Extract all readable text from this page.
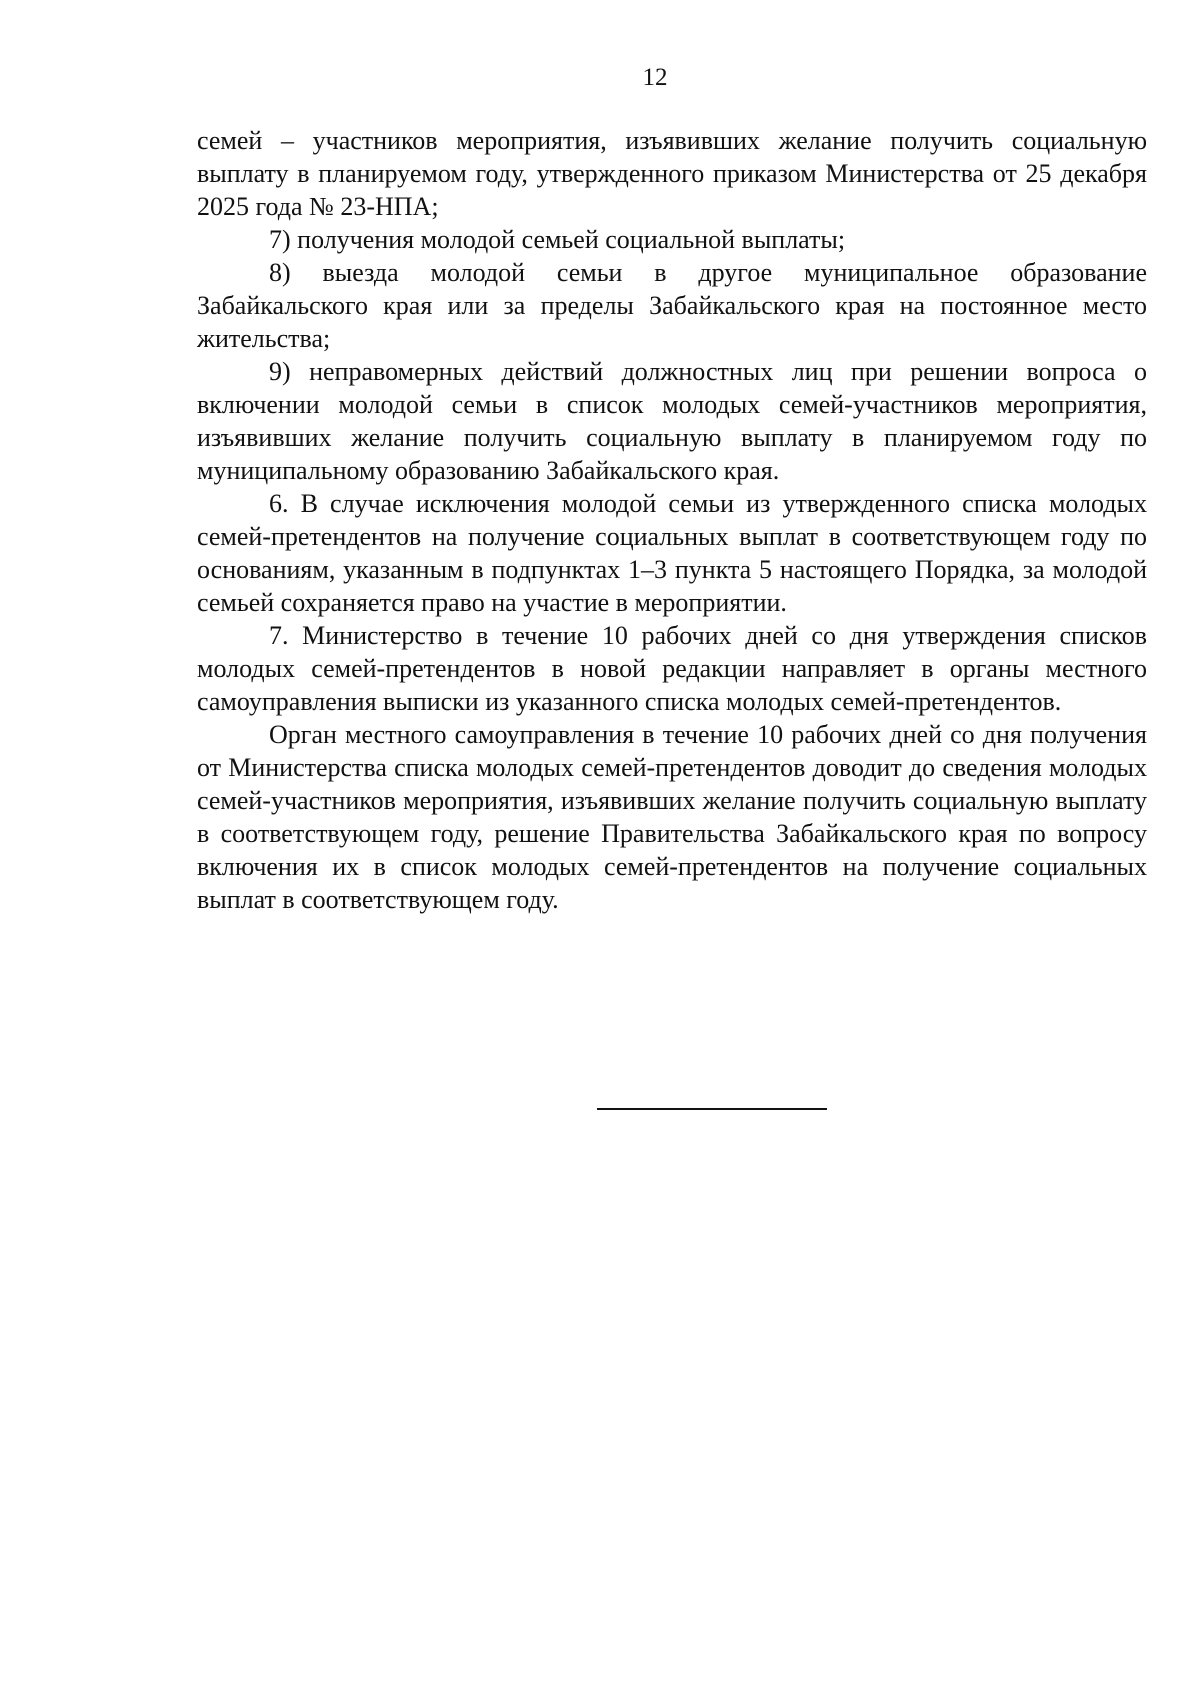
12

семей – участников мероприятия, изъявивших желание получить социальную выплату в планируемом году, утвержденного приказом Министерства от 25 декабря 2025 года № 23-НПА;

7) получения молодой семьей социальной выплаты;

8) выезда молодой семьи в другое муниципальное образование Забайкальского края или за пределы Забайкальского края на постоянное место жительства;

9) неправомерных действий должностных лиц при решении вопроса о включении молодой семьи в список молодых семей-участников мероприятия, изъявивших желание получить социальную выплату в планируемом году по муниципальному образованию Забайкальского края.

6. В случае исключения молодой семьи из утвержденного списка молодых семей-претендентов на получение социальных выплат в соответствующем году по основаниям, указанным в подпунктах 1–3 пункта 5 настоящего Порядка, за молодой семьей сохраняется право на участие в мероприятии.

7. Министерство в течение 10 рабочих дней со дня утверждения списков молодых семей-претендентов в новой редакции направляет в органы местного самоуправления выписки из указанного списка молодых семей-претендентов.

Орган местного самоуправления в течение 10 рабочих дней со дня получения от Министерства списка молодых семей-претендентов доводит до сведения молодых семей-участников мероприятия, изъявивших желание получить социальную выплату в соответствующем году, решение Правительства Забайкальского края по вопросу включения их в список молодых семей-претендентов на получение социальных выплат в соответствующем году.
